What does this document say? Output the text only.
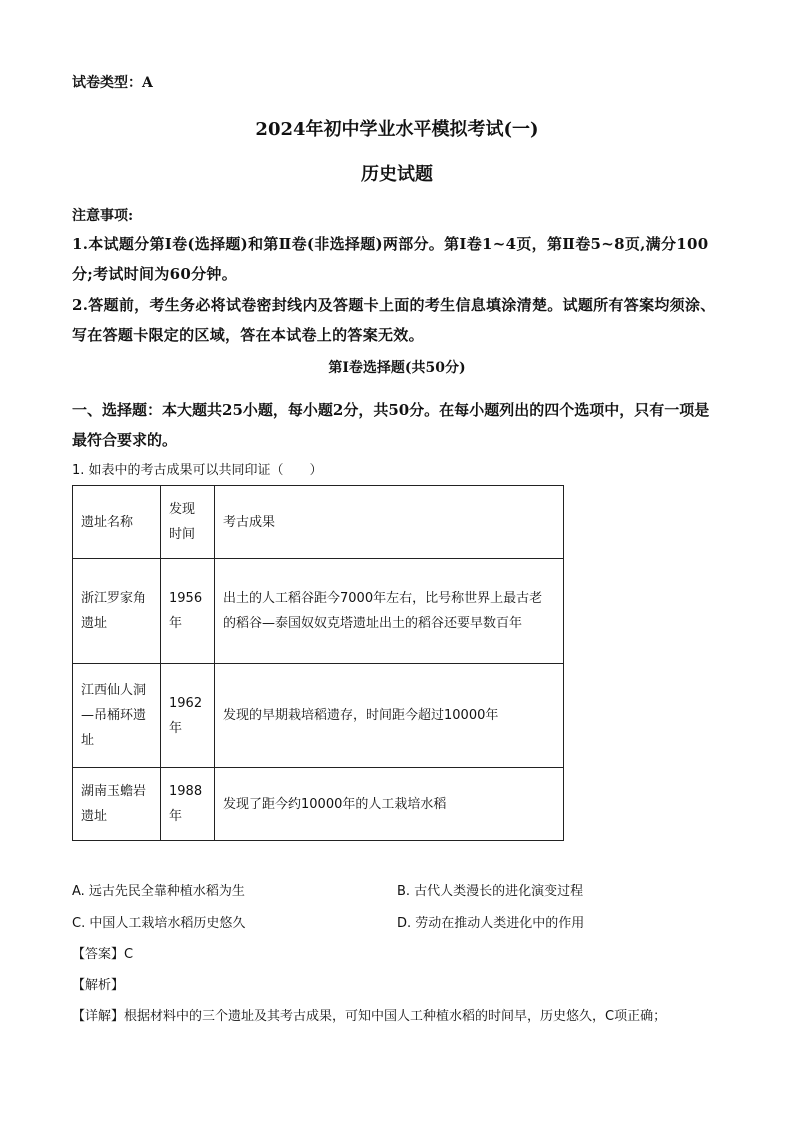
试卷类型：A
2024年初中学业水平模拟考试(一)
历史试题
注意事项:
1.本试题分第Ⅰ卷(选择题)和第Ⅱ卷(非选择题)两部分。第Ⅰ卷1~4页，第Ⅱ卷5~8页,满分100分;考试时间为60分钟。
2.答题前，考生务必将试卷密封线内及答题卡上面的考生信息填涂清楚。试题所有答案均须涂、写在答题卡限定的区域，答在本试卷上的答案无效。
第Ⅰ卷选择题(共50分)
一、选择题：本大题共25小题，每小题2分，共50分。在每小题列出的四个选项中，只有一项是最符合要求的。
1. 如表中的考古成果可以共同印证（　　）
遗址名称	发现时间	考古成果
浙江罗家角遗址	1956年	出土的人工稻谷距今7000年左右，比号称世界上最古老的稻谷—泰国奴奴克塔遗址出土的稻谷还要早数百年
江西仙人洞—吊桶环遗址	1962年	发现的早期栽培稻遗存，时间距今超过10000年
湖南玉蟾岩遗址	1988年	发现了距今约10000年的人工栽培水稻
A. 远古先民全靠种植水稻为生	B. 古代人类漫长的进化演变过程
C. 中国人工栽培水稻历史悠久	D. 劳动在推动人类进化中的作用
【答案】C
【解析】
【详解】根据材料中的三个遗址及其考古成果，可知中国人工种植水稻的时间早，历史悠久，C项正确；
